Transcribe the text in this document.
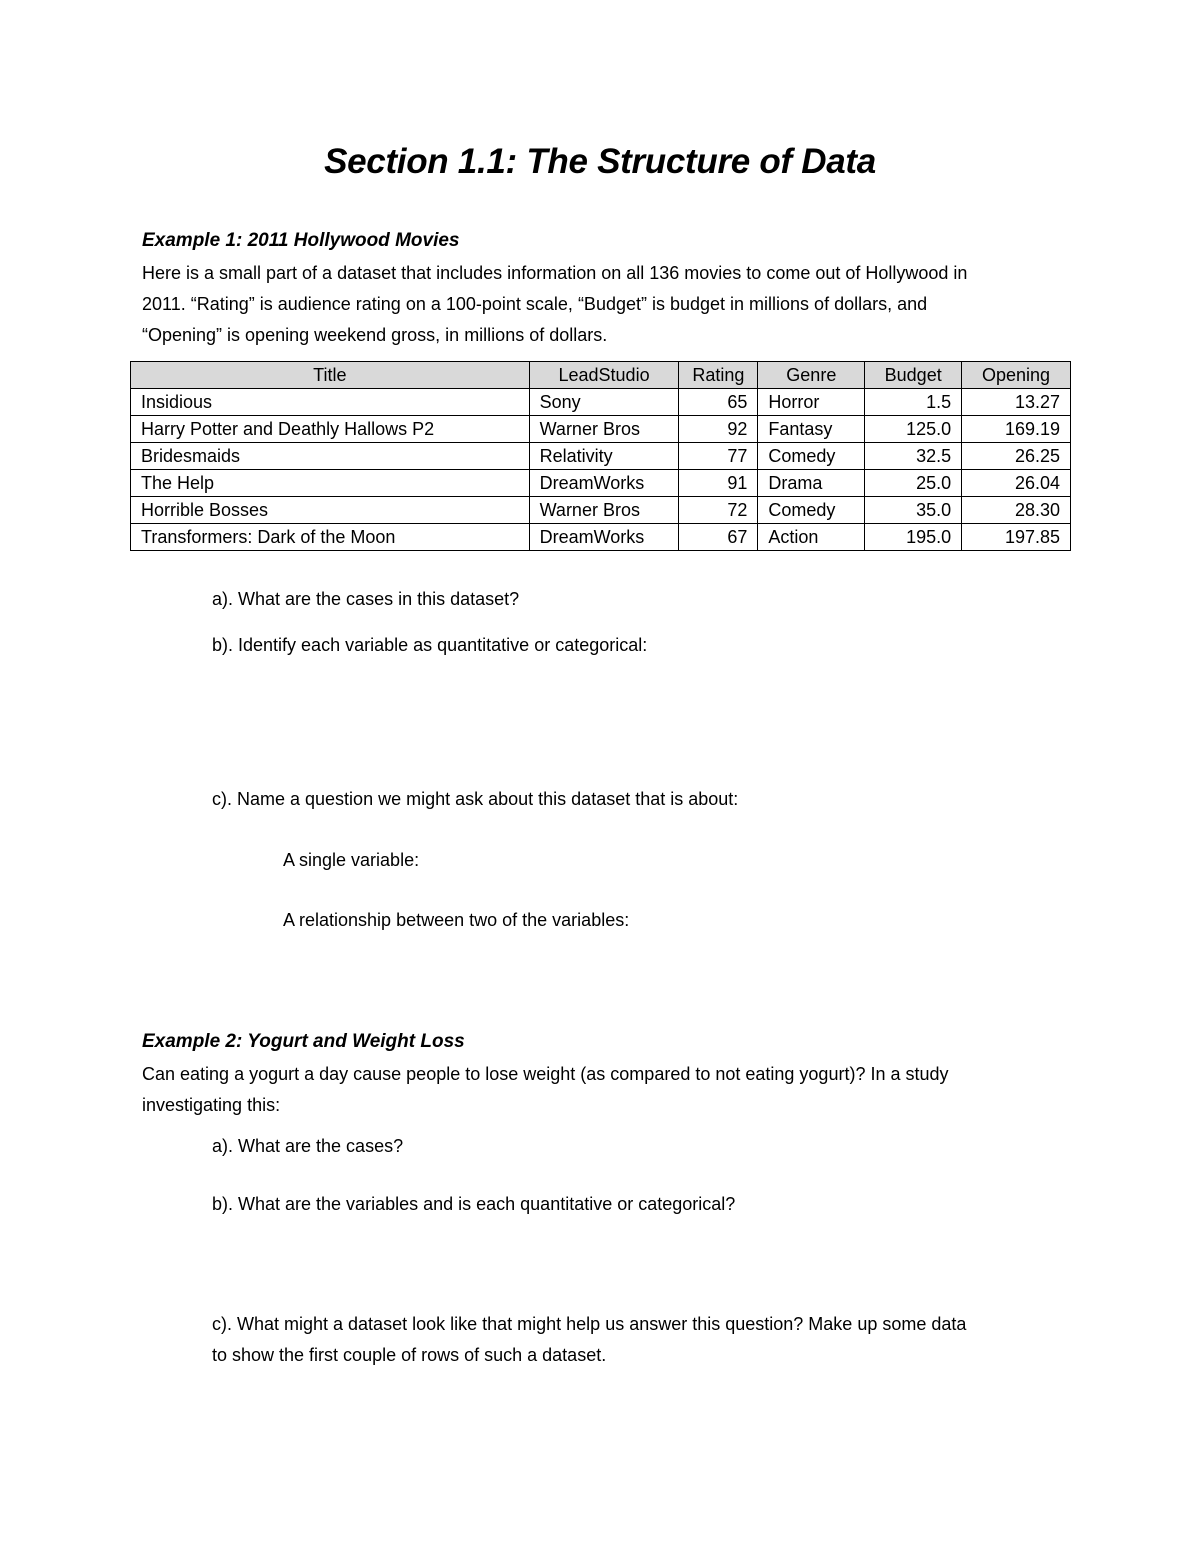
Section 1.1: The Structure of Data
Example 1: 2011 Hollywood Movies
Here is a small part of a dataset that includes information on all 136 movies to come out of Hollywood in
2011. “Rating” is audience rating on a 100-point scale, “Budget” is budget in millions of dollars, and
“Opening” is opening weekend gross, in millions of dollars.
Title	LeadStudio	Rating	Genre	Budget	Opening
Insidious	Sony	65	Horror	1.5	13.27
Harry Potter and Deathly Hallows P2	Warner Bros	92	Fantasy	125.0	169.19
Bridesmaids	Relativity	77	Comedy	32.5	26.25
The Help	DreamWorks	91	Drama	25.0	26.04
Horrible Bosses	Warner Bros	72	Comedy	35.0	28.30
Transformers: Dark of the Moon	DreamWorks	67	Action	195.0	197.85
a). What are the cases in this dataset?
b). Identify each variable as quantitative or categorical:
c). Name a question we might ask about this dataset that is about:
A single variable:
A relationship between two of the variables:
Example 2: Yogurt and Weight Loss
Can eating a yogurt a day cause people to lose weight (as compared to not eating yogurt)? In a study
investigating this:
a). What are the cases?
b). What are the variables and is each quantitative or categorical?
c). What might a dataset look like that might help us answer this question? Make up some data
to show the first couple of rows of such a dataset.
